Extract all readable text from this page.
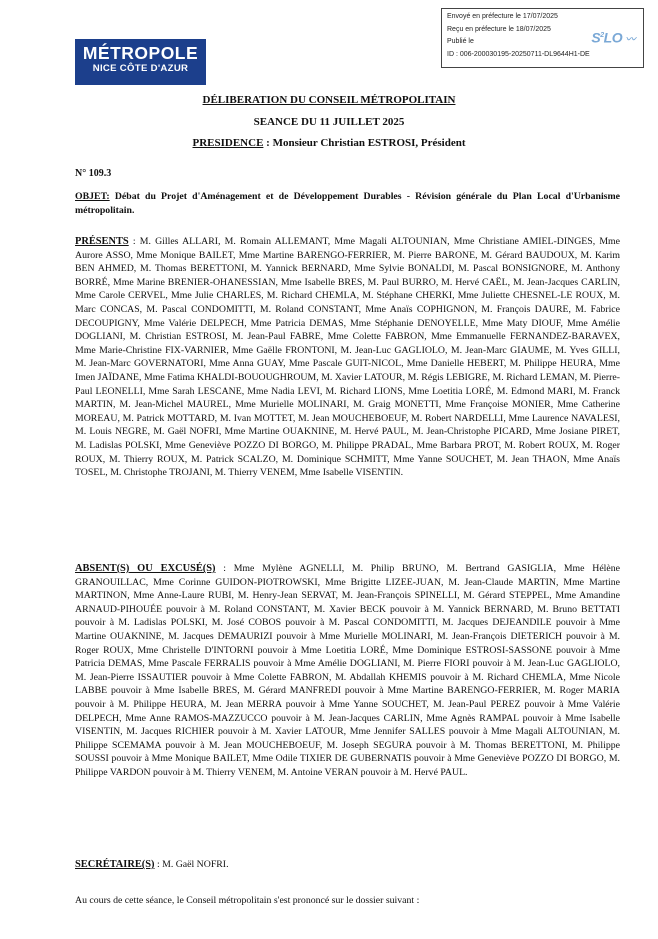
Envoyé en préfecture le 17/07/2025
Reçu en préfecture le 18/07/2025
Publié le
ID : 006-200030195-20250711-DL9644H1-DE
$S^2LO$ 〰
MÉTROPOLE
NICE CÔTE D'AZUR
DÉLIBERATION DU CONSEIL MÉTROPOLITAIN
SEANCE DU 11 JUILLET 2025
PRESIDENCE : Monsieur Christian ESTROSI, Président
N° 109.3
OBJET: Débat du Projet d'Aménagement et de Développement Durables - Révision générale du Plan Local d'Urbanisme métropolitain.
PRÉSENTS : M. Gilles ALLARI, M. Romain ALLEMANT, Mme Magali ALTOUNIAN, Mme Christiane AMIEL-DINGES, Mme Aurore ASSO, Mme Monique BAILET, Mme Martine BARENGO-FERRIER, M. Pierre BARONE, M. Gérard BAUDOUX, M. Karim BEN AHMED, M. Thomas BERETTONI, M. Yannick BERNARD, Mme Sylvie BONALDI, M. Pascal BONSIGNORE, M. Anthony BORRÉ, Mme Marine BRENIER-OHANESSIAN, Mme Isabelle BRES, M. Paul BURRO, M. Hervé CAËL, M. Jean-Jacques CARLIN, Mme Carole CERVEL, Mme Julie CHARLES, M. Richard CHEMLA, M. Stéphane CHERKI, Mme Juliette CHESNEL-LE ROUX, M. Marc CONCAS, M. Pascal CONDOMITTI, M. Roland CONSTANT, Mme Anaïs COPHIGNON, M. François DAURE, M. Fabrice DECOUPIGNY, Mme Valérie DELPECH, Mme Patricia DEMAS, Mme Stéphanie DENOYELLE, Mme Maty DIOUF, Mme Amélie DOGLIANI, M. Christian ESTROSI, M. Jean-Paul FABRE, Mme Colette FABRON, Mme Emmanuelle FERNANDEZ-BARAVEX, Mme Marie-Christine FIX-VARNIER, Mme Gaëlle FRONTONI, M. Jean-Luc GAGLIOLO, M. Jean-Marc GIAUME, M. Yves GILLI, M. Jean-Marc GOVERNATORI, Mme Anna GUAY, Mme Pascale GUIT-NICOL, Mme Danielle HEBERT, M. Philippe HEURA, Mme Imen JAÏDANE, Mme Fatima KHALDI-BOUOUGHROUM, M. Xavier LATOUR, M. Régis LEBIGRE, M. Richard LEMAN, M. Pierre-Paul LEONELLI, Mme Sarah LESCANE, Mme Nadia LEVI, M. Richard LIONS, Mme Loetitia LORÉ, M. Edmond MARI, M. Franck MARTIN, M. Jean-Michel MAUREL, Mme Murielle MOLINARI, M. Graig MONETTI, Mme Françoise MONIER, Mme Catherine MOREAU, M. Patrick MOTTARD, M. Ivan MOTTET, M. Jean MOUCHEBOEUF, M. Robert NARDELLI, Mme Laurence NAVALESI, M. Louis NEGRE, M. Gaël NOFRI, Mme Martine OUAKNINE, M. Hervé PAUL, M. Jean-Christophe PICARD, Mme Josiane PIRET, M. Ladislas POLSKI, Mme Geneviève POZZO DI BORGO, M. Philippe PRADAL, Mme Barbara PROT, M. Robert ROUX, M. Roger ROUX, M. Thierry ROUX, M. Patrick SCALZO, M. Dominique SCHMITT, Mme Yanne SOUCHET, M. Jean THAON, Mme Anaïs TOSEL, M. Christophe TROJANI, M. Thierry VENEM, Mme Isabelle VISENTIN.
ABSENT(S) OU EXCUSÉ(S) : Mme Mylène AGNELLI, M. Philip BRUNO, M. Bertrand GASIGLIA, Mme Hélène GRANOUILLAC, Mme Corinne GUIDON-PIOTROWSKI, Mme Brigitte LIZEE-JUAN, M. Jean-Claude MARTIN, Mme Martine MARTINON, Mme Anne-Laure RUBI, M. Henry-Jean SERVAT, M. Jean-François SPINELLI, M. Gérard STEPPEL, Mme Amandine ARNAUD-PIHOUÉE pouvoir à M. Roland CONSTANT, M. Xavier BECK pouvoir à M. Yannick BERNARD, M. Bruno BETTATI pouvoir à M. Ladislas POLSKI, M. José COBOS pouvoir à M. Pascal CONDOMITTI, M. Jacques DEJEANDILE pouvoir à Mme Martine OUAKNINE, M. Jacques DEMAURIZI pouvoir à Mme Murielle MOLINARI, M. Jean-François DIETERICH pouvoir à M. Roger ROUX, Mme Christelle D'INTORNI pouvoir à Mme Loetitia LORÉ, Mme Dominique ESTROSI-SASSONE pouvoir à Mme Patricia DEMAS, Mme Pascale FERRALIS pouvoir à Mme Amélie DOGLIANI, M. Pierre FIORI pouvoir à M. Jean-Luc GAGLIOLO, M. Jean-Pierre ISSAUTIER pouvoir à Mme Colette FABRON, M. Abdallah KHEMIS pouvoir à M. Richard CHEMLA, Mme Nicole LABBE pouvoir à Mme Isabelle BRES, M. Gérard MANFREDI pouvoir à Mme Martine BARENGO-FERRIER, M. Roger MARIA pouvoir à M. Philippe HEURA, M. Jean MERRA pouvoir à Mme Yanne SOUCHET, M. Jean-Paul PEREZ pouvoir à Mme Valérie DELPECH, Mme Anne RAMOS-MAZZUCCO pouvoir à M. Jean-Jacques CARLIN, Mme Agnès RAMPAL pouvoir à Mme Isabelle VISENTIN, M. Jacques RICHIER pouvoir à M. Xavier LATOUR, Mme Jennifer SALLES pouvoir à Mme Magali ALTOUNIAN, M. Philippe SCEMAMA pouvoir à M. Jean MOUCHEBOEUF, M. Joseph SEGURA pouvoir à M. Thomas BERETTONI, M. Philippe SOUSSI pouvoir à Mme Monique BAILET, Mme Odile TIXIER DE GUBERNATIS pouvoir à Mme Geneviève POZZO DI BORGO, M. Philippe VARDON pouvoir à M. Thierry VENEM, M. Antoine VERAN pouvoir à M. Hervé PAUL.
SECRÉTAIRE(S) : M. Gaël NOFRI.
Au cours de cette séance, le Conseil métropolitain s'est prononcé sur le dossier suivant :
